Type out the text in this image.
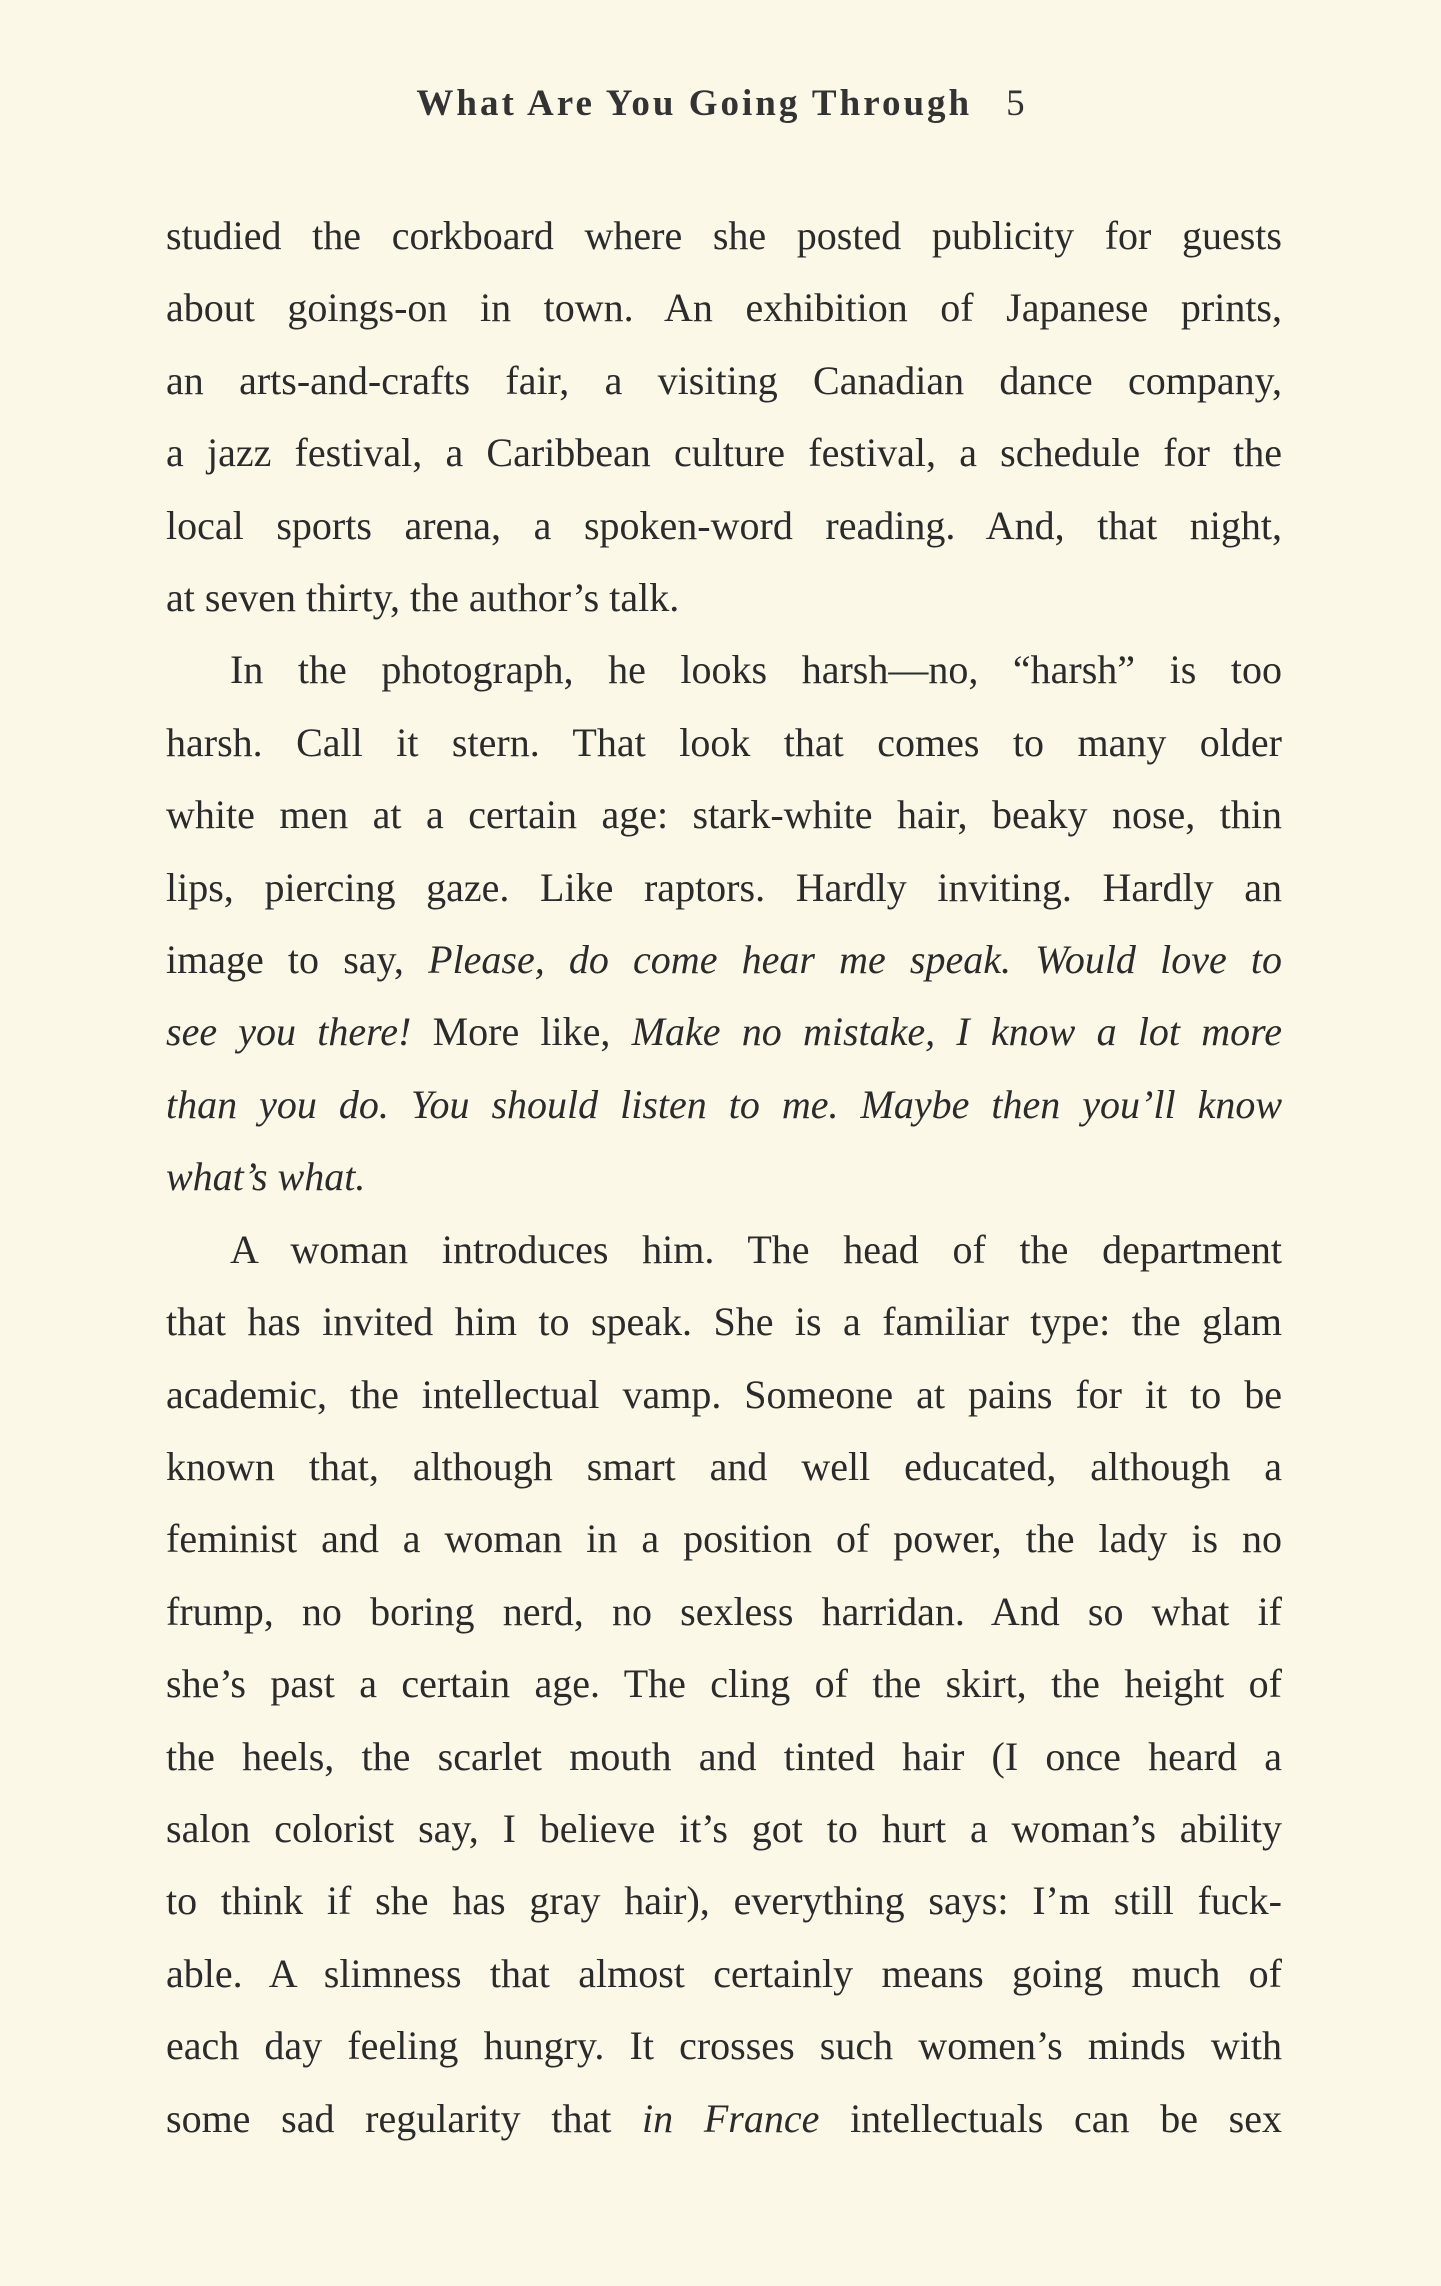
What Are You Going Through 5
studied the corkboard where she posted publicity for guests
about goings-on in town. An exhibition of Japanese prints,
an arts-and-crafts fair, a visiting Canadian dance company,
a jazz festival, a Caribbean culture festival, a schedule for the
local sports arena, a spoken-word reading. And, that night,
at seven thirty, the author’s talk.
In the photograph, he looks harsh—no, “harsh” is too
harsh. Call it stern. That look that comes to many older
white men at a certain age: stark-white hair, beaky nose, thin
lips, piercing gaze. Like raptors. Hardly inviting. Hardly an
image to say, Please, do come hear me speak. Would love to
see you there! More like, Make no mistake, I know a lot more
than you do. You should listen to me. Maybe then you’ll know
what’s what.
A woman introduces him. The head of the department
that has invited him to speak. She is a familiar type: the glam
academic, the intellectual vamp. Someone at pains for it to be
known that, although smart and well educated, although a
feminist and a woman in a position of power, the lady is no
frump, no boring nerd, no sexless harridan. And so what if
she’s past a certain age. The cling of the skirt, the height of
the heels, the scarlet mouth and tinted hair (I once heard a
salon colorist say, I believe it’s got to hurt a woman’s ability
to think if she has gray hair), everything says: I’m still fuck-
able. A slimness that almost certainly means going much of
each day feeling hungry. It crosses such women’s minds with
some sad regularity that in France intellectuals can be sex
